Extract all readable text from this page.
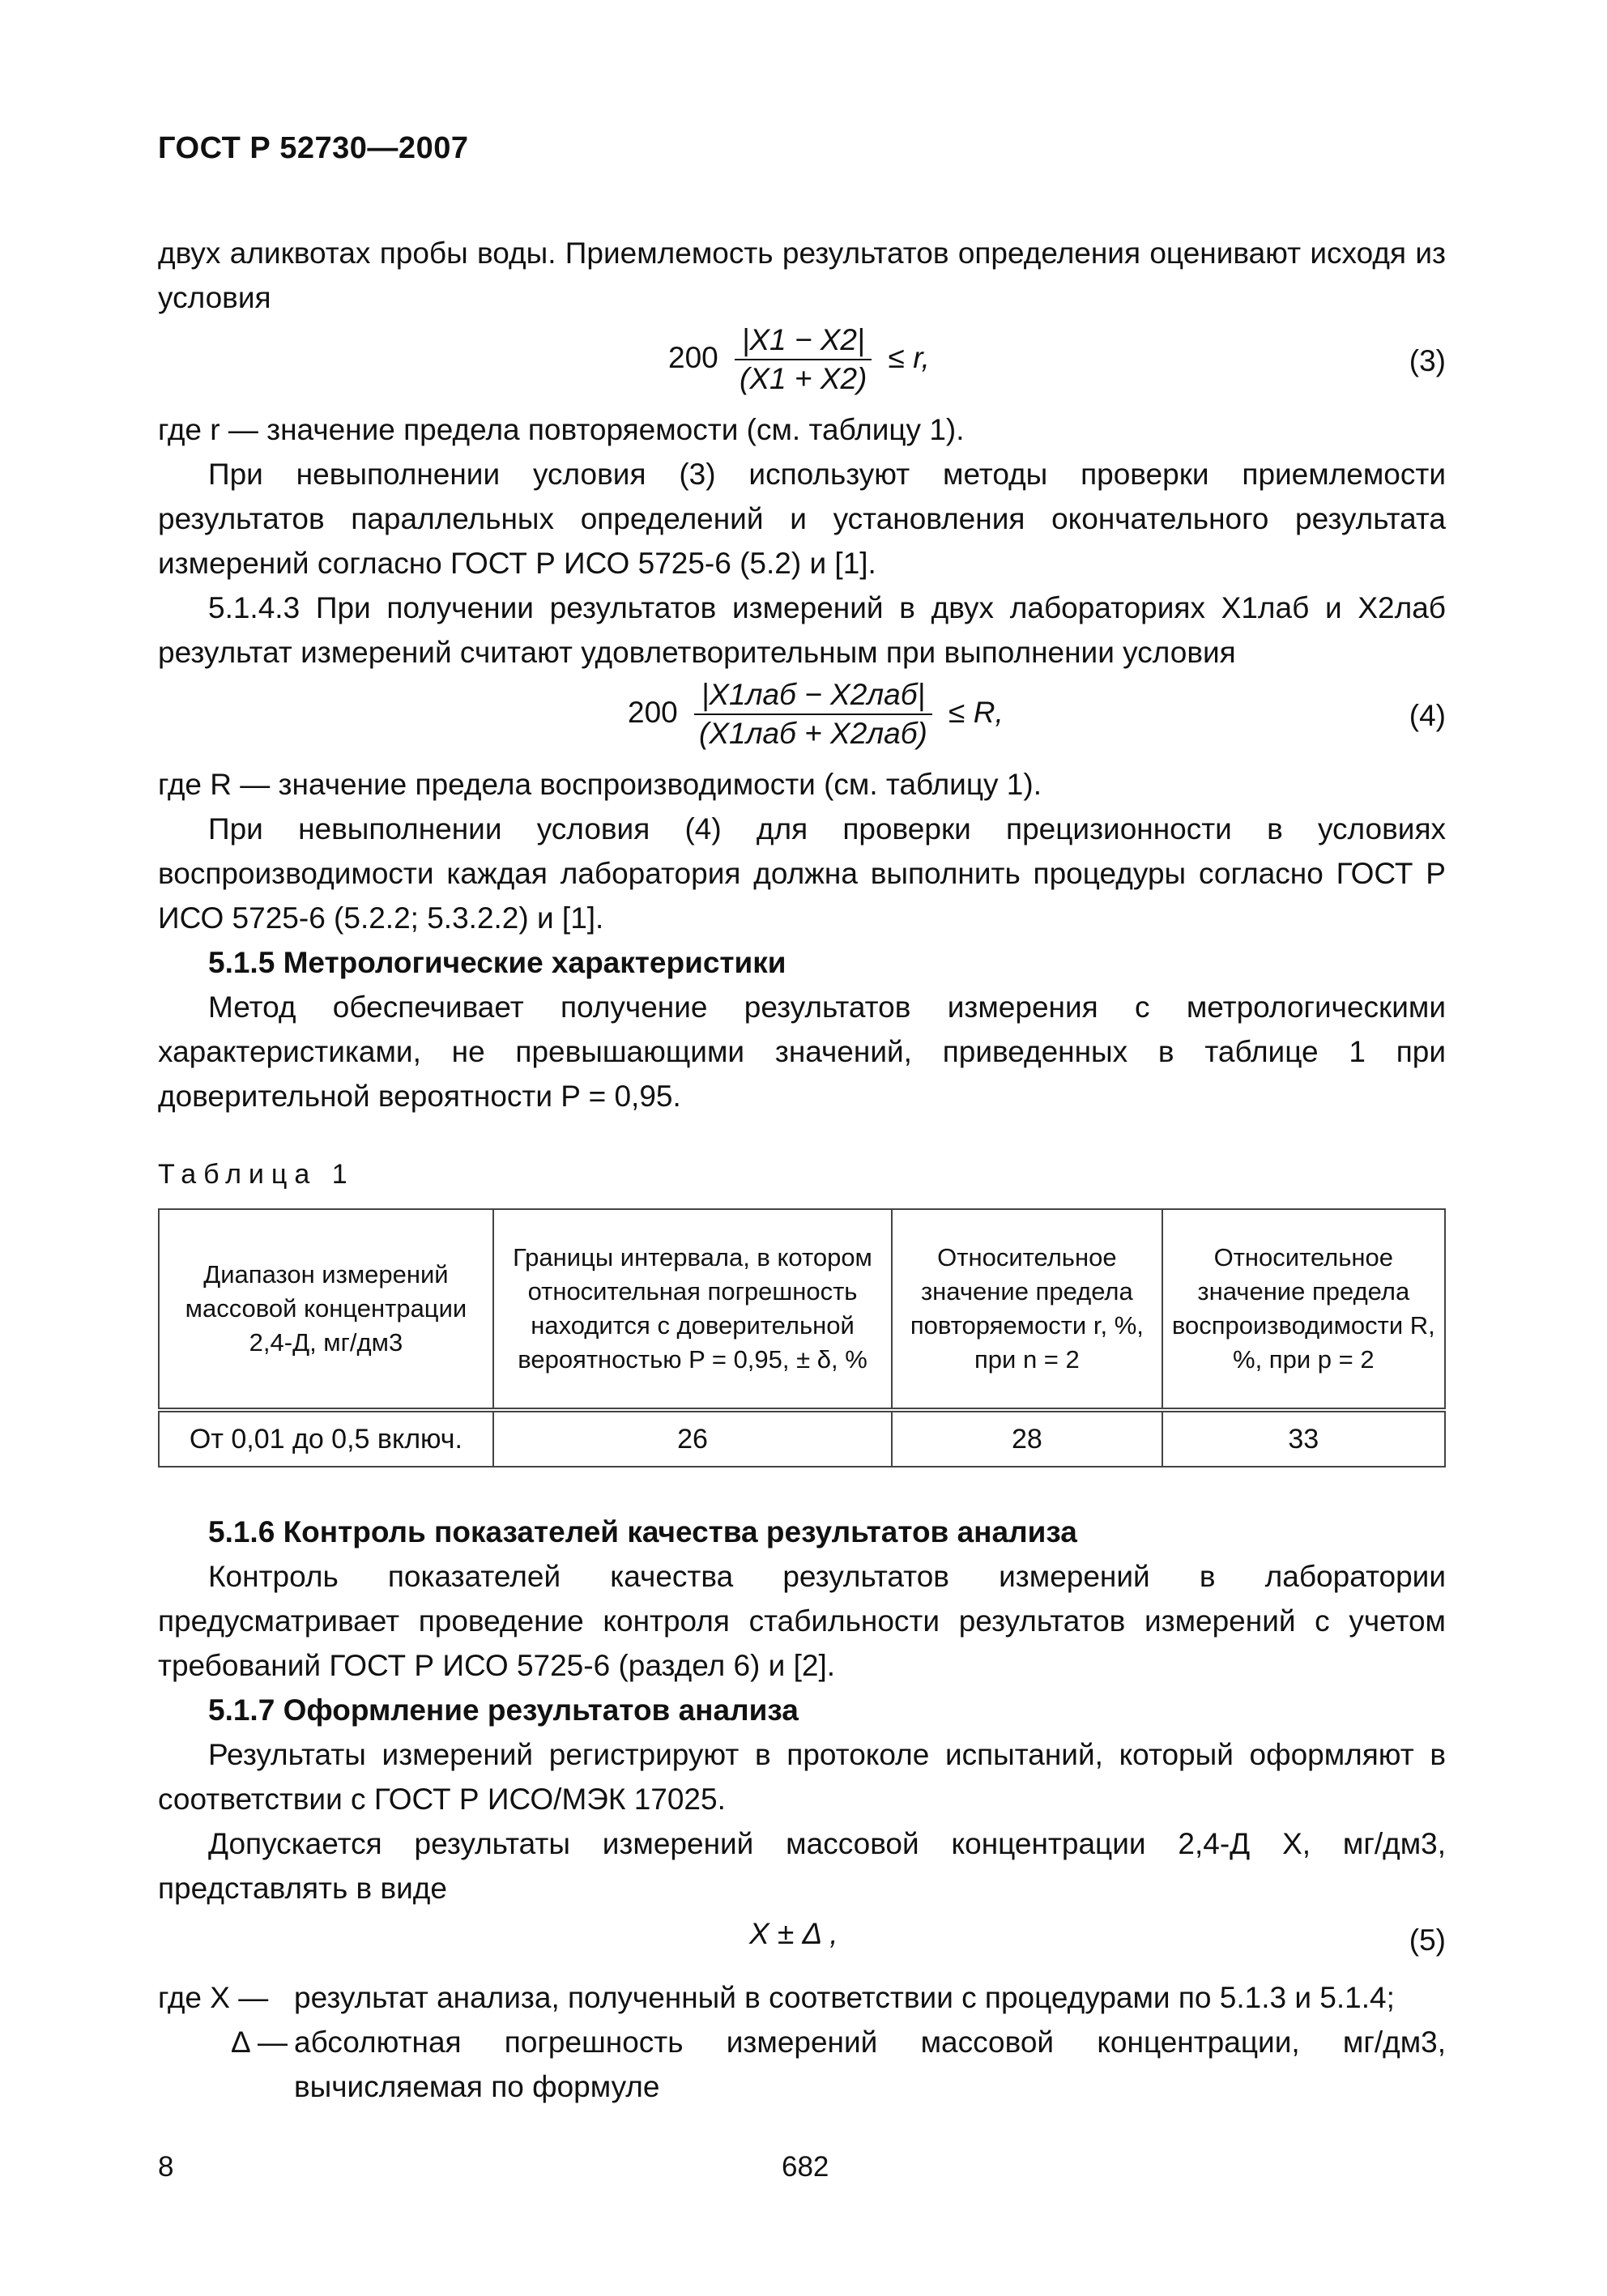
ГОСТ Р 52730—2007

двух аликвотах пробы воды. Приемлемость результатов определения оценивают исходя из условия

$200 \frac{|X1 - X2|}{(X1 + X2)} \le r$,	(3)

где r — значение предела повторяемости (см. таблицу 1).

При невыполнении условия (3) используют методы проверки приемлемости результатов параллельных определений и установления окончательного результата измерений согласно ГОСТ Р ИСО 5725-6 (5.2) и [1].

5.1.4.3 При получении результатов измерений в двух лабораториях X1лаб и X2лаб результат измерений считают удовлетворительным при выполнении условия

$200 \frac{\text{|X1лаб − X2лаб|}}{\text{(X1лаб + X2лаб)}} \le R$,	(4)

где R — значение предела воспроизводимости (см. таблицу 1).

При невыполнении условия (4) для проверки прецизионности в условиях воспроизводимости каждая лаборатория должна выполнить процедуры согласно ГОСТ Р ИСО 5725-6 (5.2.2; 5.3.2.2) и [1].

5.1.5 Метрологические характеристики

Метод обеспечивает получение результатов измерения с метрологическими характеристиками, не превышающими значений, приведенных в таблице 1 при доверительной вероятности P = 0,95.

Таблица 1
Диапазон измерений массовой концентрации 2,4-Д, мг/дм3	Границы интервала, в котором относительная погрешность находится с доверительной вероятностью P = 0,95, ± δ, %	Относительное значение предела повторяемости r, %, при n = 2	Относительное значение предела воспроизводимости R, %, при p = 2
От 0,01 до 0,5 включ.	26	28	33

5.1.6 Контроль показателей качества результатов анализа

Контроль показателей качества результатов измерений в лаборатории предусматривает проведение контроля стабильности результатов измерений с учетом требований ГОСТ Р ИСО 5725-6 (раздел 6) и [2].

5.1.7 Оформление результатов анализа

Результаты измерений регистрируют в протоколе испытаний, который оформляют в соответствии с ГОСТ Р ИСО/МЭК 17025.

Допускается результаты измерений массовой концентрации 2,4-Д X, мг/дм3, представлять в виде

X ± Δ ,	(5)
где X — результат анализа, полученный в соответствии с процедурами по 5.1.3 и 5.1.4;
Δ — абсолютная погрешность измерений массовой концентрации, мг/дм3, вычисляемая по формуле
8	682
